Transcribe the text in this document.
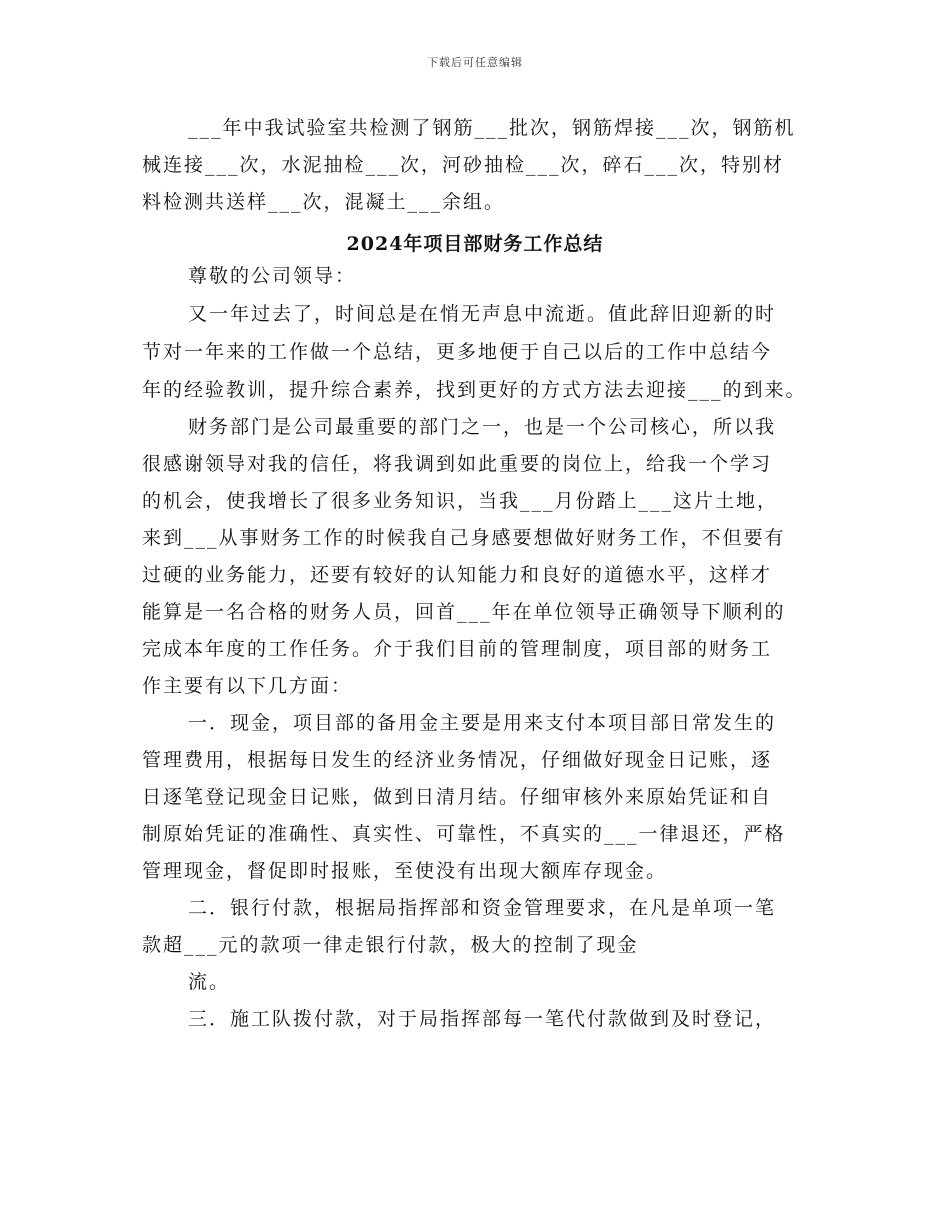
下载后可任意编辑
___年中我试验室共检测了钢筋___批次，钢筋焊接___次，钢筋机
械连接___次，水泥抽检___次，河砂抽检___次，碎石___次，特别材
料检测共送样___次，混凝土___余组。
2024年项目部财务工作总结
尊敬的公司领导：
又一年过去了，时间总是在悄无声息中流逝。值此辞旧迎新的时
节对一年来的工作做一个总结，更多地便于自己以后的工作中总结今
年的经验教训，提升综合素养，找到更好的方式方法去迎接___的到来。
财务部门是公司最重要的部门之一，也是一个公司核心，所以我
很感谢领导对我的信任，将我调到如此重要的岗位上，给我一个学习
的机会，使我增长了很多业务知识，当我___月份踏上___这片土地，
来到___从事财务工作的时候我自己身感要想做好财务工作，不但要有
过硬的业务能力，还要有较好的认知能力和良好的道德水平，这样才
能算是一名合格的财务人员，回首___年在单位领导正确领导下顺利的
完成本年度的工作任务。介于我们目前的管理制度，项目部的财务工
作主要有以下几方面：
一．现金，项目部的备用金主要是用来支付本项目部日常发生的
管理费用，根据每日发生的经济业务情况，仔细做好现金日记账，逐
日逐笔登记现金日记账，做到日清月结。仔细审核外来原始凭证和自
制原始凭证的准确性、真实性、可靠性，不真实的___一律退还，严格
管理现金，督促即时报账，至使没有出现大额库存现金。
二．银行付款，根据局指挥部和资金管理要求，在凡是单项一笔
款超___元的款项一律走银行付款，极大的控制了现金
流。
三．施工队拨付款，对于局指挥部每一笔代付款做到及时登记，
